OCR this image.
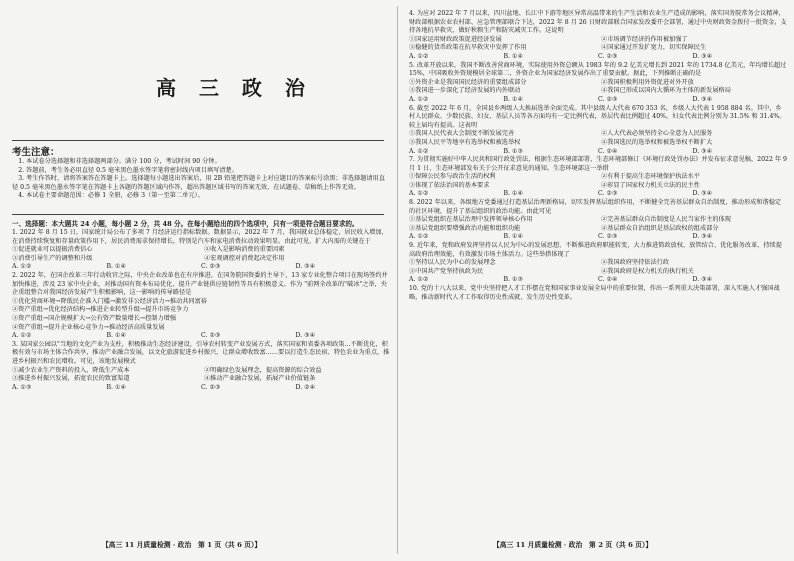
高 三 政 治
考生注意：

1. 本试卷分选择题和非选择题两部分。满分 100 分，考试时间 90 分钟。

2. 答题前，考生务必用直径 0.5 毫米黑色墨水签字笔将密封线内项目填写清楚。

3. 考生作答时，请将答案答在答题卡上。选择题每小题选出答案后，用 2B 铅笔把答题卡上对应题目的答案标号涂黑；非选择题请用直径 0.5 毫米黑色墨水签字笔在答题卡上各题的答题区域内作答，超出答题区域书写的答案无效，在试题卷、草稿纸上作答无效。

4. 本试卷主要命题范围：必修 1 全册，必修 3（第一至第二单元）。

一、选择题：本大题共 24 小题，每小题 2 分，共 48 分。在每小题给出的四个选项中，只有一项是符合题目要求的。

1. 2022 年 8 月 15 日，国家统计局公布了多项 7 月经济运行指标数据。数据显示，2022 年 7 月，我国就业总体稳定，居民收入增加，在消费持续恢复和存量政策作用下，居民消费需求保持增长，特别是汽车和家电消费拉动效果明显。由此可见，扩大内需的关键在于

①促进就业可以提振消费信心	②收入是影响消费的重要因素
③消费引导生产的调整和升级	④宏观调控对消费起决定作用
A. ①②	B. ①④	C. ②③	D. ③④

2. 2022 年，在国企改革三年行动收官之际，中央企业改革也在有序推进，在国务院国资委的主导下，13 家专业化整合项目在现场签约并加快推进，涉及 23 家中央企业，对推动国有资本布局优化、提升产业链供应链韧性等具有积极意义。作为 "前网全改革的"破冰"之举，央企重组整合对我国经济发展产生积极影响，这一影响的传导路径是

①优化营商环境→降低民企准入门槛→激发非公经济活力→推动共同富裕
②资产重组→优化经济结构→推进企业转型升级→提升市场竞争力
③资产重组→国企规模扩大→公有资产数量增长→控制力增强
④资产重组→提升企业核心竞争力→推动经济高质量发展
A. ①②	B. ①④	C. ②③	D. ③④

3. 某国家公园以"当地的文化产业为支柱，积极推动生态经济建设，引导农村转变产业发展方式，落实国家和省委各项政策…不断优化，积极有效与市场主体合作共享，推动产业融合发展，以文化旅游促进乡村振兴，让群众增收致富……要以打造生态民宿、特色农业为重点，推进乡村振兴和农民增收。可见，该地发展模式

①减少农业生产资料的投入，降低生产成本	②明确绿色发展理念，提高资源的综合效益
③推进乡村振兴发展，拓宽农民的致富渠道	④推动产业融合发展，拓展产业价值链条
A. ①③	B. ①④	C. ②③	D. ②④
【高三 11 月质量检测 · 政治　第 1 页（共 6 页）】

4. 为应对 2022 年 7 月以来，四川盆地、长江中下游等地区异常高温带来的生产生活和农业生产造成的影响，落实国务院常务会议精神，财政部根据农业农村部、应急管理部联合下达，2022 年 8 月 26 日财政部联合国家发改委开会部署，通过中央财政资金拨付一批资金，支持各地抗旱救灾，做好秋粮生产和防灾减灾工作。这说明

①国家运用财政政策促进经济发展	②市场调节经济的作用被加强了
③稳健的货币政策在抗旱救灾中发挥了作用	④国家通过开发扩宽力，切实保障民生
A. ①②	B. ①④	C. ②③	D. ③④

5. 改革开放以来，我国不断改善营商环境，实际使用外资总额从 1983 年的 9.2 亿美元增长到 2021 年的 1734.8 亿美元，年均增长超过 15%，中国吸收外资规模居全球第二，外资企业为国家经济发展作出了重要贡献。据此，下列推断正确的是

①外资企业是我国国民经济的重要组成部分	②我国积极利用外资促进对外开放
③我国进一步深化了经济发展的内外联动	④我国已形成以国内大循环为主体的新发展格局
A. ①②	B. ①④	C. ②③	D. ③④

6. 截至 2022 年 6 月，全国县乡两级人大换届选举全面完成。其中县级人大代表 670 353 名，乡级人大代表 1 958 884 名。其中，乡村人民群众、少数民族、妇女、基层人员等各方面均有一定比例代表，基层代表比例超过 40%，妇女代表比例分别为 31.5% 和 31.4%。较上届均有提高。这表明

①我国人民代表大会制度不断发展完善	②人大代表必须坚持全心全意为人民服务
③我国人民平等地享有选举权和被选举权	④我国选民的选举权和被选举权不断扩大
A. ①②	B. ①③	C. ②④	D. ③④

7. 为贯彻实施好中华人民共和国行政处罚法，根据生态环境部部署，生态环境部修订《环境行政处罚办法》并发布征求意见稿，2022 年 9 月 1 日，生态环境部发布关于公开征求意见的通知。生态环境部这一举措

①保障公民参与政治生活的权利	②有利于提高生态环境保护执法水平
③体现了依法治国的基本要求	④彰显了国家权力机关立法的民主性
A. ①②	B. ①④	C. ②③	D. ③④

8. 2022 年以来，各级地方党委通过打造基层治理新格局，切实发挥基层组织作用，不断健全完善基层群众自治制度，推动形成和谐稳定的社区环境，提升了基层组织的政治功能。由此可见

①基层党组织在基层治理中发挥领导核心作用	②完善基层群众自治制度是人民当家作主的体现
③基层党组织要增强政治功能和组织功能	④基层群众自治组织是基层政权的组成部分
A. ①②	B. ①④	C. ②③	D. ③④

9. 近年来，党和政府发挥坚持以人民为中心的发展思想，不断推进政府职能转变，大力推进简政放权、放管结合、优化服务改革，持续提高政府治理效能，有效激发市场主体活力。这些举措体现了

①坚持以人民为中心的发展理念	②我国政府坚持依法行政
③中国共产党坚持执政为民	④我国政府是权力机关的执行机关
A. ①②	B. ①③	C. ②④	D. ③④

10. 党的十八大以来，党中央坚持把人才工作摆在党和国家事业发展全局中的重要位置，作出一系列重大决策部署，深入实施人才强国战略，推动新时代人才工作取得历史性成就、发生历史性变革。

【高三 11 月质量检测 · 政治　第 2 页（共 6 页）】
